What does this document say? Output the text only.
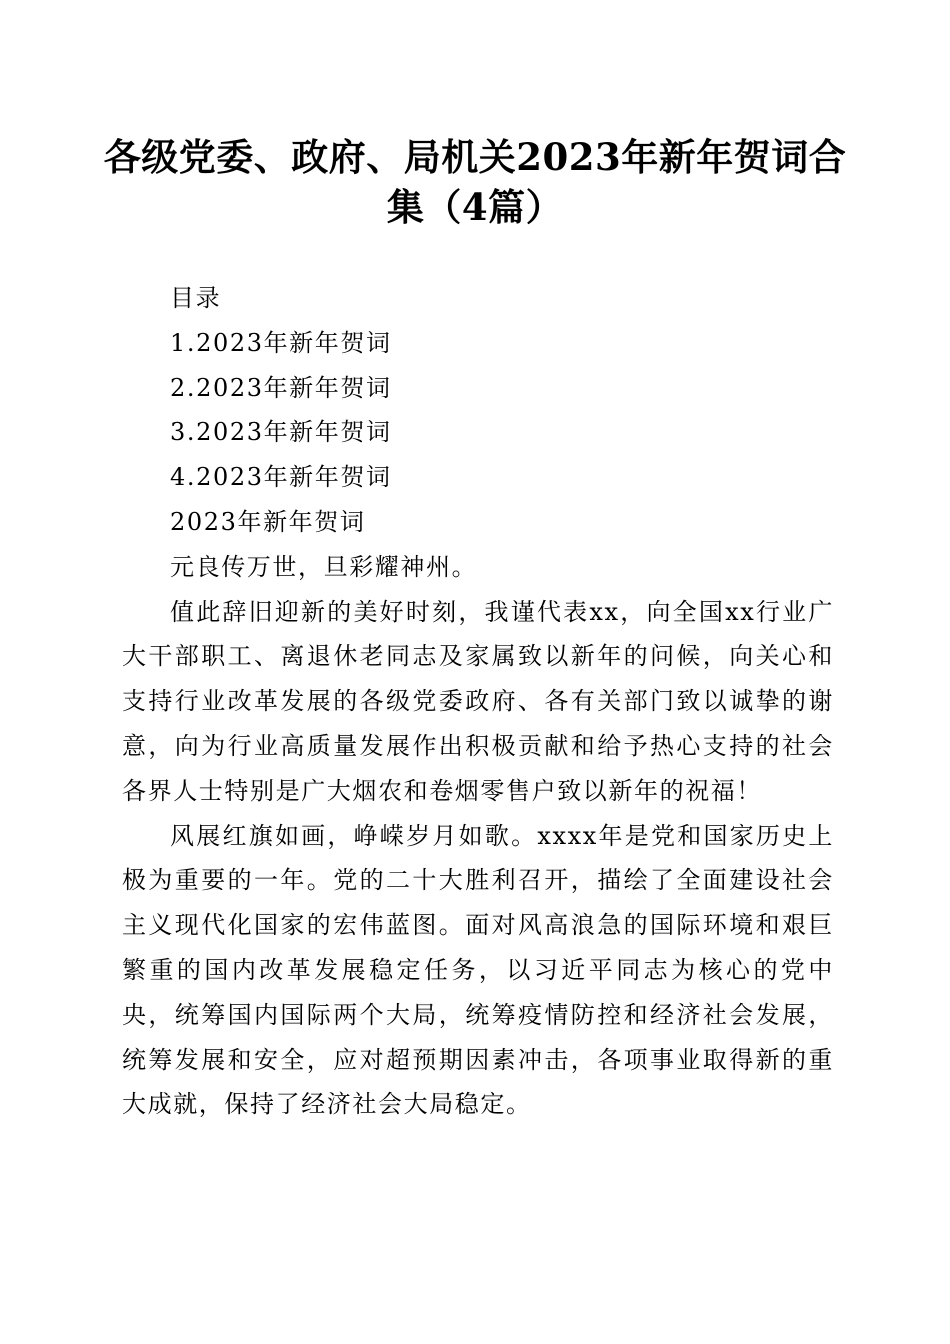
各级党委、政府、局机关2023年新年贺词合
集（4篇）

目录

1.2023年新年贺词

2.2023年新年贺词

3.2023年新年贺词

4.2023年新年贺词

2023年新年贺词

元良传万世，旦彩耀神州。

值此辞旧迎新的美好时刻，我谨代表xx，向全国xx行业广大干部职工、离退休老同志及家属致以新年的问候，向关心和支持行业改革发展的各级党委政府、各有关部门致以诚挚的谢意，向为行业高质量发展作出积极贡献和给予热心支持的社会各界人士特别是广大烟农和卷烟零售户致以新年的祝福！

风展红旗如画，峥嵘岁月如歌。xxxx年是党和国家历史上极为重要的一年。党的二十大胜利召开，描绘了全面建设社会主义现代化国家的宏伟蓝图。面对风高浪急的国际环境和艰巨繁重的国内改革发展稳定任务，以习近平同志为核心的党中央，统筹国内国际两个大局，统筹疫情防控和经济社会发展，统筹发展和安全，应对超预期因素冲击，各项事业取得新的重大成就，保持了经济社会大局稳定。
